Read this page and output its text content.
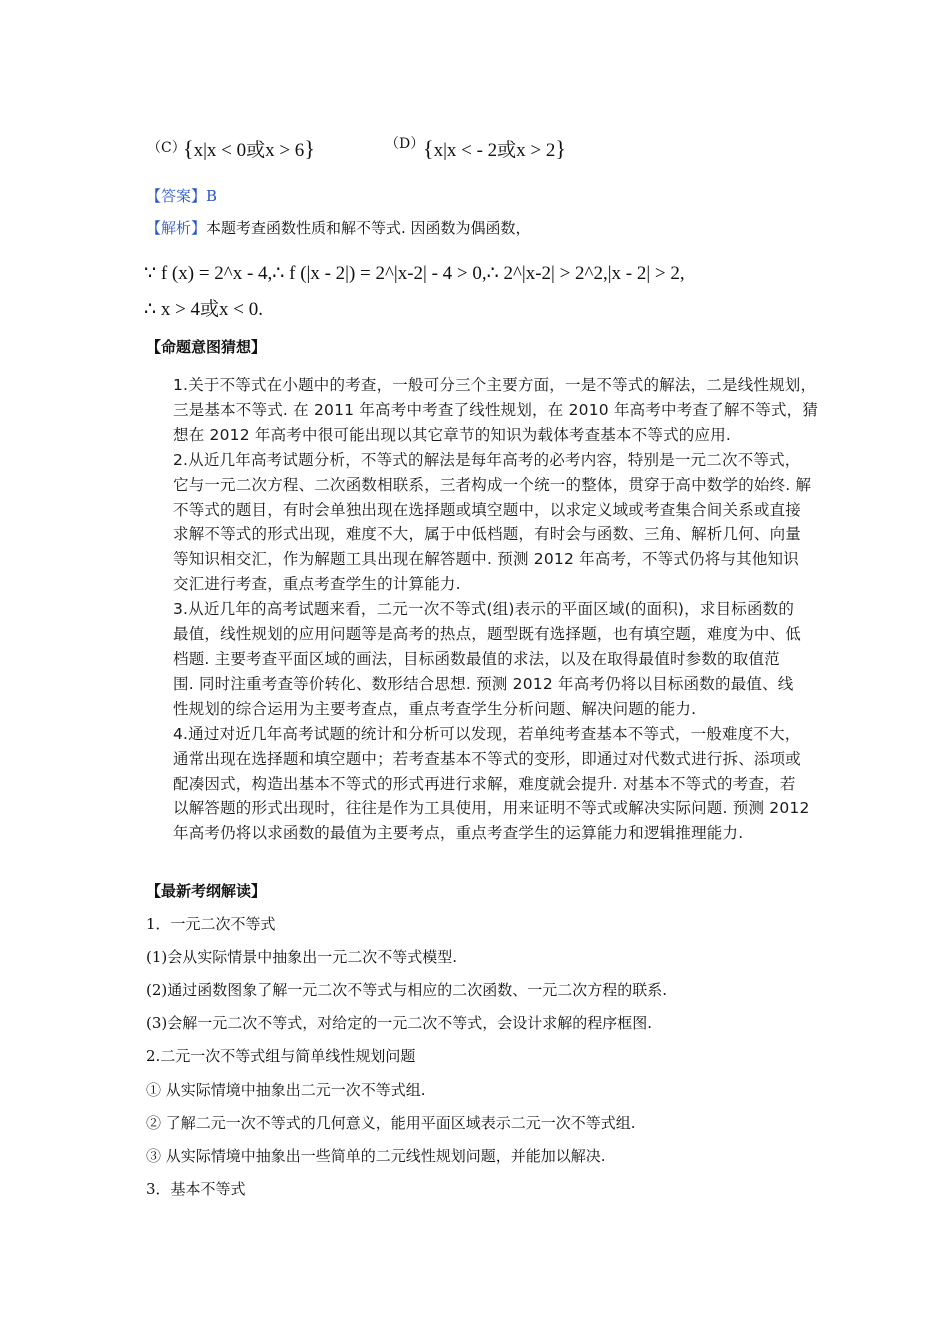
（C）
{x|x < 0或x > 6}	（D）
{x|x < - 2或x > 2}
【答案】B
【解析】本题考查函数性质和解不等式. 因函数为偶函数，
∵ f (x) = 2^x - 4,∴ f (|x - 2|) = 2^|x-2| - 4 > 0,∴ 2^|x-2| > 2^2,|x - 2| > 2,
∴ x > 4或x < 0.
【命题意图猜想】
1.关于不等式在小题中的考查，一般可分三个主要方面，一是不等式的解法，二是线性规划，
三是基本不等式. 在 2011 年高考中考查了线性规划，在 2010 年高考中考查了解不等式，猜
想在 2012 年高考中很可能出现以其它章节的知识为载体考查基本不等式的应用.
2.从近几年高考试题分析，不等式的解法是每年高考的必考内容，特别是一元二次不等式，
它与一元二次方程、二次函数相联系，三者构成一个统一的整体，贯穿于高中数学的始终. 解
不等式的题目，有时会单独出现在选择题或填空题中，以求定义域或考查集合间关系或直接
求解不等式的形式出现，难度不大，属于中低档题，有时会与函数、三角、解析几何、向量
等知识相交汇，作为解题工具出现在解答题中. 预测 2012 年高考，不等式仍将与其他知识
交汇进行考查，重点考查学生的计算能力.
3.从近几年的高考试题来看，二元一次不等式(组)表示的平面区域(的面积)，求目标函数的
最值，线性规划的应用问题等是高考的热点，题型既有选择题，也有填空题，难度为中、低
档题. 主要考查平面区域的画法，目标函数最值的求法，以及在取得最值时参数的取值范
围. 同时注重考查等价转化、数形结合思想. 预测 2012 年高考仍将以目标函数的最值、线
性规划的综合运用为主要考查点，重点考查学生分析问题、解决问题的能力.
4.通过对近几年高考试题的统计和分析可以发现，若单纯考查基本不等式，一般难度不大，
通常出现在选择题和填空题中；若考查基本不等式的变形，即通过对代数式进行拆、添项或
配凑因式，构造出基本不等式的形式再进行求解，难度就会提升. 对基本不等式的考查，若
以解答题的形式出现时，往往是作为工具使用，用来证明不等式或解决实际问题. 预测 2012
年高考仍将以求函数的最值为主要考点，重点考查学生的运算能力和逻辑推理能力.
【最新考纲解读】
1．一元二次不等式
(1)会从实际情景中抽象出一元二次不等式模型.
(2)通过函数图象了解一元二次不等式与相应的二次函数、一元二次方程的联系.
(3)会解一元二次不等式，对给定的一元二次不等式，会设计求解的程序框图.
2.二元一次不等式组与简单线性规划问题
① 从实际情境中抽象出二元一次不等式组.
② 了解二元一次不等式的几何意义，能用平面区域表示二元一次不等式组.
③ 从实际情境中抽象出一些简单的二元线性规划问题，并能加以解决.
3．基本不等式
